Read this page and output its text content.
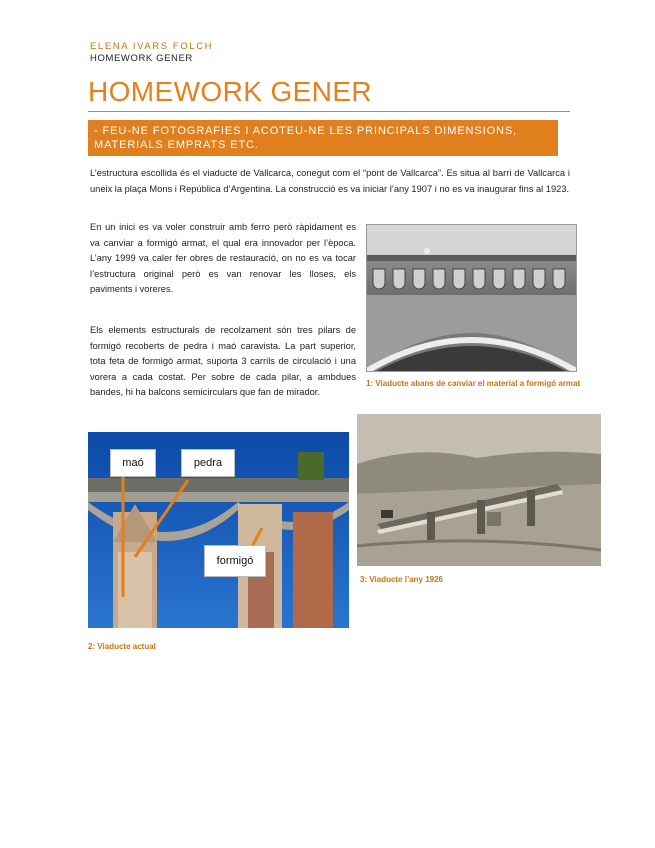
ELENA IVARS FOLCH
HOMEWORK GENER
HOMEWORK GENER
- FEU-NE FOTOGRAFIES I ACOTEU-NE LES PRINCIPALS DIMENSIONS, MATERIALS EMPRATS ETC.

L’estructura escollida és el viaducte de Vallcarca, conegut com el “pont de Vallcarca”. Es situa al barri de Vallcarca i uneix la plaça Mons i República d’Argentina. La construcció es va iniciar l’any 1907 i no es va inaugurar fins al 1923.

En un inici es va voler construir amb ferro però ràpidament es va canviar a formigó armat, el qual era innovador per l’època. L’any 1999 va caler fer obres de restauració, on no es va tocar l’estructura original però es van renovar les lloses, els paviments i voreres.

Els elements estructurals de recolzament són tres pilars de formigó recoberts de pedra i maó caravista. La part superior, tota feta de formigó armat, suporta 3 carrils de circulació i una vorera a cada costat. Per sobre de cada pilar, a ambdues bandes, hi ha balcons semicirculars que fan de mirador.

1: Viaducte abans de canviar el material a formigó armat
maó	pedra
formigó
2: Viaducte actual
3: Viaducte l’any 1926
